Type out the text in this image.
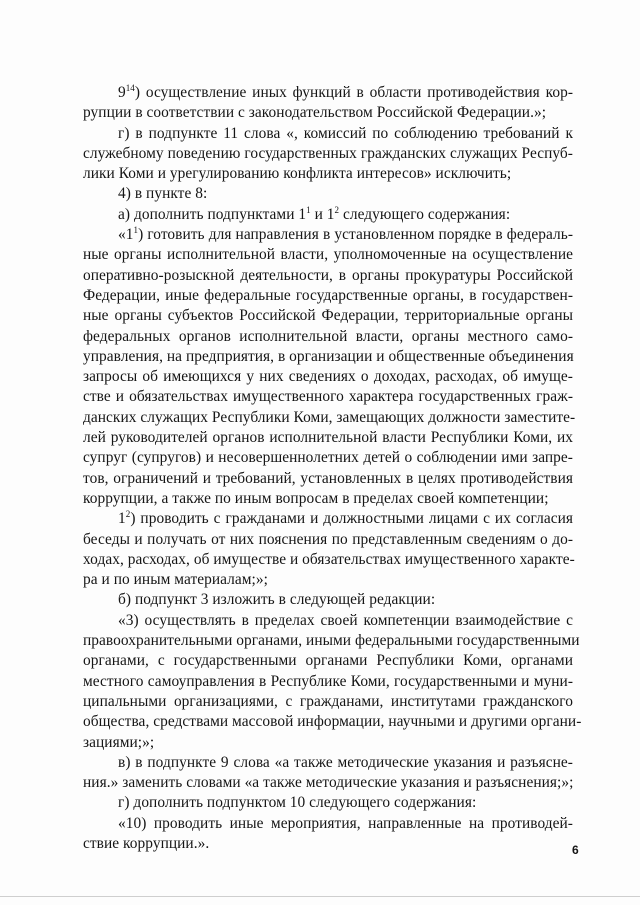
$9^{14}$) осуществление иных функций в области противодействия кор-
рупции в соответствии с законодательством Российской Федерации.»;
г) в подпункте 11 слова «, комиссий по соблюдению требований к
служебному поведению государственных гражданских служащих Респуб-
лики Коми и урегулированию конфликта интересов» исключить;
4) в пункте 8:
а) дополнить подпунктами $1^1$ и $1^2$ следующего содержания:
«$1^1$) готовить для направления в установленном порядке в федераль-
ные органы исполнительной власти, уполномоченные на осуществление
оперативно-розыскной деятельности, в органы прокуратуры Российской
Федерации, иные федеральные государственные органы, в государствен-
ные органы субъектов Российской Федерации, территориальные органы
федеральных органов исполнительной власти, органы местного само-
управления, на предприятия, в организации и общественные объединения
запросы об имеющихся у них сведениях о доходах, расходах, об имуще-
стве и обязательствах имущественного характера государственных граж-
данских служащих Республики Коми, замещающих должности заместите-
лей руководителей органов исполнительной власти Республики Коми, их
супруг (супругов) и несовершеннолетних детей о соблюдении ими запре-
тов, ограничений и требований, установленных в целях противодействия
коррупции, а также по иным вопросам в пределах своей компетенции;
$1^2$) проводить с гражданами и должностными лицами с их согласия
беседы и получать от них пояснения по представленным сведениям о до-
ходах, расходах, об имуществе и обязательствах имущественного характе-
ра и по иным материалам;»;
б) подпункт 3 изложить в следующей редакции:
«3) осуществлять в пределах своей компетенции взаимодействие с
правоохранительными органами, иными федеральными государственными
органами, с государственными органами Республики Коми, органами
местного самоуправления в Республике Коми, государственными и муни-
ципальными организациями, с гражданами, институтами гражданского
общества, средствами массовой информации, научными и другими органи-
зациями;»;
в) в подпункте 9 слова «а также методические указания и разъясне-
ния.» заменить словами «а также методические указания и разъяснения;»;
г) дополнить подпунктом 10 следующего содержания:
«10) проводить иные мероприятия, направленные на противодей-
ствие коррупции.».	6
